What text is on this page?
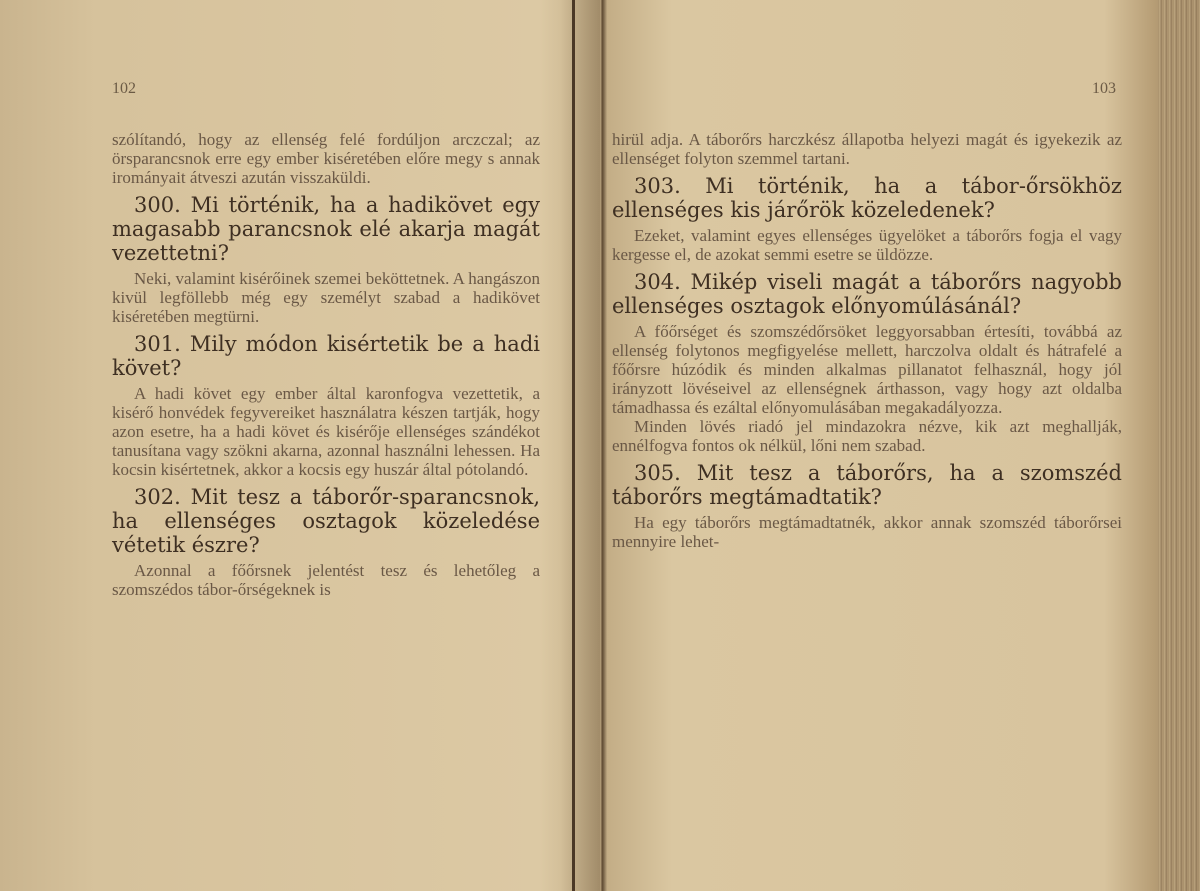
102

szólítandó, hogy az ellenség felé fordúljon arczczal; az örsparancsnok erre egy ember kiséretében előre megy s annak irományait átveszi azután visszaküldi.

300. Mi történik, ha a hadikövet egy magasabb parancsnok elé akarja magát vezettetni?

Neki, valamint kisérőinek szemei beköttetnek. A hangászon kivül legföllebb még egy személyt szabad a hadikövet kiséretében megtürni.

301. Mily módon kisértetik be a hadi követ?

A hadi követ egy ember által karonfogva vezettetik, a kisérő honvédek fegyvereiket használatra készen tartják, hogy azon esetre, ha a hadi követ és kisérője ellenséges szándékot tanusítana vagy szökni akarna, azonnal használni lehessen. Ha kocsin kisértetnek, akkor a kocsis egy huszár által pótolandó.

302. Mit tesz a táborőr-sparancsnok, ha ellenséges osztagok közeledése vétetik észre?

Azonnal a főőrsnek jelentést tesz és lehetőleg a szomszédos tábor-őrségeknek is

103

hirül adja. A táborőrs harczkész állapotba helyezi magát és igyekezik az ellenséget folyton szemmel tartani.

303. Mi történik, ha a tábor-őrsökhöz ellenséges kis járőrök közeledenek?

Ezeket, valamint egyes ellenséges ügyelöket a táborőrs fogja el vagy kergesse el, de azokat semmi esetre se üldözze.

304. Mikép viseli magát a táborőrs nagyobb ellenséges osztagok előnyomúlásánál?

A főőrséget és szomszédőrsöket leggyorsabban értesíti, továbbá az ellenség folytonos megfigyelése mellett, harczolva oldalt és hátrafelé a főőrsre húzódik és minden alkalmas pillanatot felhasznál, hogy jól irányzott lövéseivel az ellenségnek árthasson, vagy hogy azt oldalba támadhassa és ezáltal előnyomulásában megakadályozza.

Minden lövés riadó jel mindazokra nézve, kik azt meghallják, ennélfogva fontos ok nélkül, lőni nem szabad.

305. Mit tesz a táborőrs, ha a szomszéd táborőrs megtámadtatik?

Ha egy táborőrs megtámadtatnék, akkor annak szomszéd táborőrsei mennyire lehet-
